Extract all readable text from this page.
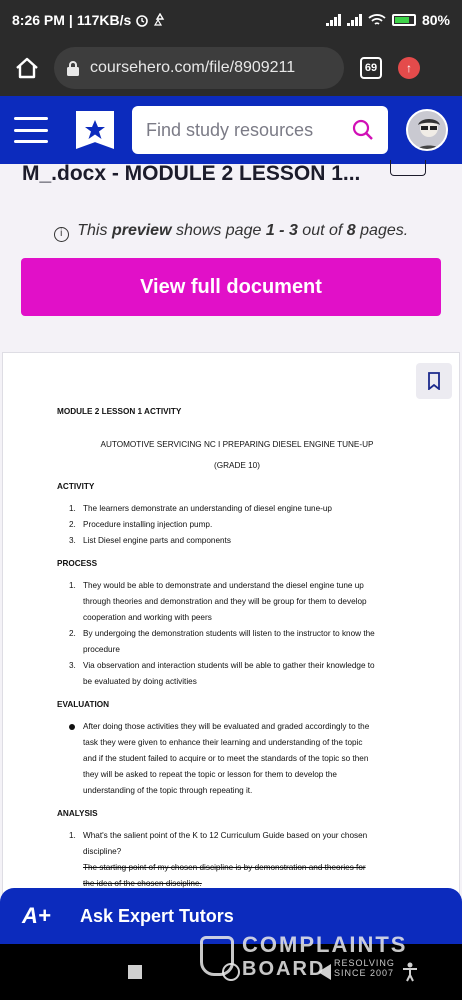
8:26 PM | 117KB/s	80%
coursehero.com/file/8909211	69	↑
Find study resources
M_.docx - MODULE 2 LESSON 1...
i This preview shows page 1 - 3 out of 8 pages.
View full document
MODULE 2 LESSON 1 ACTIVITY
AUTOMOTIVE SERVICING NC I PREPARING DIESEL ENGINE TUNE-UP
(GRADE 10)
ACTIVITY
1. The learners demonstrate an understanding of diesel engine tune-up
2. Procedure installing injection pump.
3. List Diesel engine parts and components
PROCESS
1. They would be able to demonstrate and understand the diesel engine tune up
through theories and demonstration and they will be group for them to develop
cooperation and working with peers
2. By undergoing the demonstration students will listen to the instructor to know the
procedure
3. Via observation and interaction students will be able to gather their knowledge to
be evaluated by doing activities
EVALUATION
After doing those activities they will be evaluated and graded accordingly to the
task they were given to enhance their learning and understanding of the topic
and if the student failed to acquire or to meet the standards of the topic so then
they will be asked to repeat the topic or lesson for them to develop the
understanding of the topic through repeating it.
ANALYSIS
1. What's the salient point of the K to 12 Curriculum Guide based on your chosen
discipline?
The starting point of my chosen discipline is by demonstration and theories for
the idea of the chosen discipline.
A+ Ask Expert Tutors
COMPLAINTS
BOARD RESOLVING
SINCE 2007
